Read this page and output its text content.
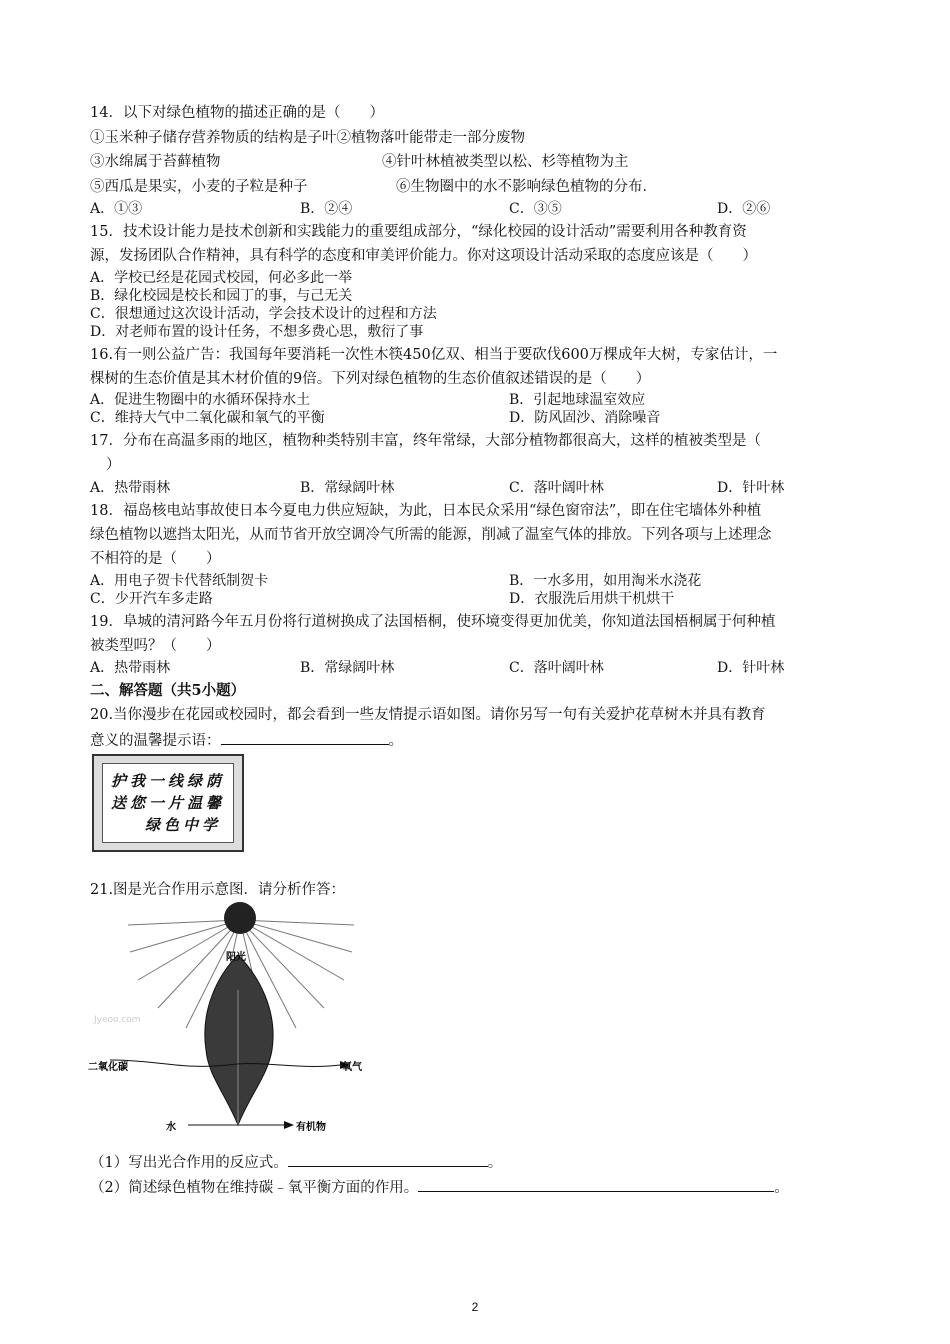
14．以下对绿色植物的描述正确的是（　　）
①玉米种子储存营养物质的结构是子叶②植物落叶能带走一部分废物
③水绵属于苔藓植物	④针叶林植被类型以松、杉等植物为主
⑤西瓜是果实，小麦的子粒是种子	⑥生物圈中的水不影响绿色植物的分布．
A．①③	B．②④	C．③⑤	D．②⑥
15．技术设计能力是技术创新和实践能力的重要组成部分，“绿化校园的设计活动”需要利用各种教育资
源，发扬团队合作精神，具有科学的态度和审美评价能力。你对这项设计活动采取的态度应该是（　　）
A．学校已经是花园式校园，何必多此一举
B．绿化校园是校长和园丁的事，与己无关
C．很想通过这次设计活动，学会技术设计的过程和方法
D．对老师布置的设计任务，不想多费心思，敷衍了事
16.有一则公益广告：我国每年要消耗一次性木筷450亿双、相当于要砍伐600万棵成年大树，专家估计，一
棵树的生态价值是其木材价值的9倍。下列对绿色植物的生态价值叙述错误的是（　　）
A．促进生物圈中的水循环保持水土	B．引起地球温室效应
C．维持大气中二氧化碳和氧气的平衡	D．防风固沙、消除噪音
17．分布在高温多雨的地区，植物种类特别丰富，终年常绿，大部分植物都很高大，这样的植被类型是（
）
A．热带雨林	B．常绿阔叶林	C．落叶阔叶林	D．针叶林
18．福岛核电站事故使日本今夏电力供应短缺，为此，日本民众采用“绿色窗帘法”，即在住宅墙体外种植
绿色植物以遮挡太阳光，从而节省开放空调冷气所需的能源，削减了温室气体的排放。下列各项与上述理念
不相符的是（　　）
A．用电子贺卡代替纸制贺卡	B．一水多用，如用淘米水浇花
C．少开汽车多走路	D．衣服洗后用烘干机烘干
19．阜城的清河路今年五月份将行道树换成了法国梧桐，使环境变得更加优美，你知道法国梧桐属于何种植
被类型吗？（　　）
A．热带雨林	B．常绿阔叶林	C．落叶阔叶林	D．针叶林
二、解答题（共5小题）
20.当你漫步在花园或校园时，都会看到一些友情提示语如图。请你另写一句有关爱护花草树木并具有教育
意义的温馨提示语：	。
护我一线绿荫
送您一片温馨
绿色中学
21.图是光合作用示意图．请分析作答：
阳光
二氧化碳	氧气
水	有机物
Jyeoo.com
（1）写出光合作用的反应式。	。
（2）简述绿色植物在维持碳﹣氧平衡方面的作用。	。
2
